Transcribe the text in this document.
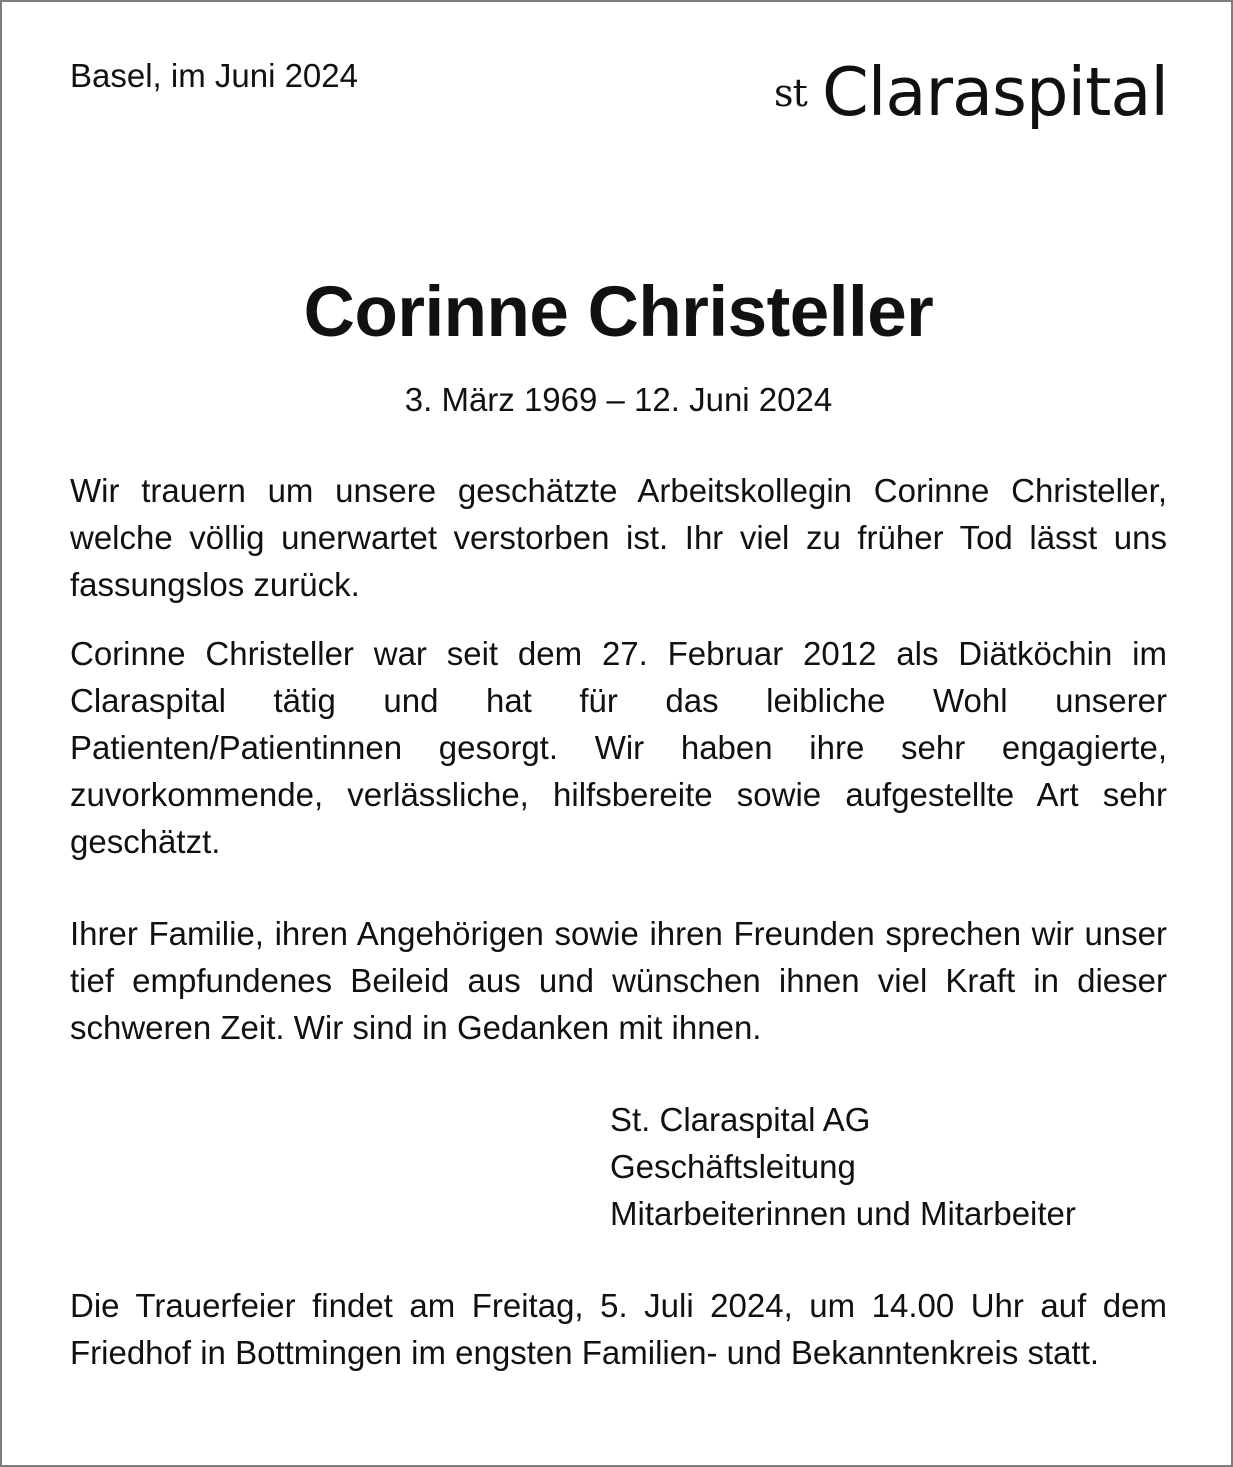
Basel, im Juni 2024	st Claraspital
Corinne Christeller
3. März 1969 – 12. Juni 2024
Wir trauern um unsere geschätzte Arbeitskollegin Corinne Christeller, welche völlig unerwartet verstorben ist. Ihr viel zu früher Tod lässt uns fassungslos zurück.
Corinne Christeller war seit dem 27. Februar 2012 als Diätköchin im Claraspital tätig und hat für das leibliche Wohl unserer Patienten/Patientinnen gesorgt. Wir haben ihre sehr engagierte, zuvorkommende, verlässliche, hilfsbereite sowie aufgestellte Art sehr geschätzt.
Ihrer Familie, ihren Angehörigen sowie ihren Freunden sprechen wir unser tief empfundenes Beileid aus und wünschen ihnen viel Kraft in dieser schweren Zeit. Wir sind in Gedanken mit ihnen.
St. Claraspital AG
Geschäftsleitung
Mitarbeiterinnen und Mitarbeiter
Die Trauerfeier findet am Freitag, 5. Juli 2024, um 14.00 Uhr auf dem Friedhof in Bottmingen im engsten Familien- und Bekanntenkreis statt.
